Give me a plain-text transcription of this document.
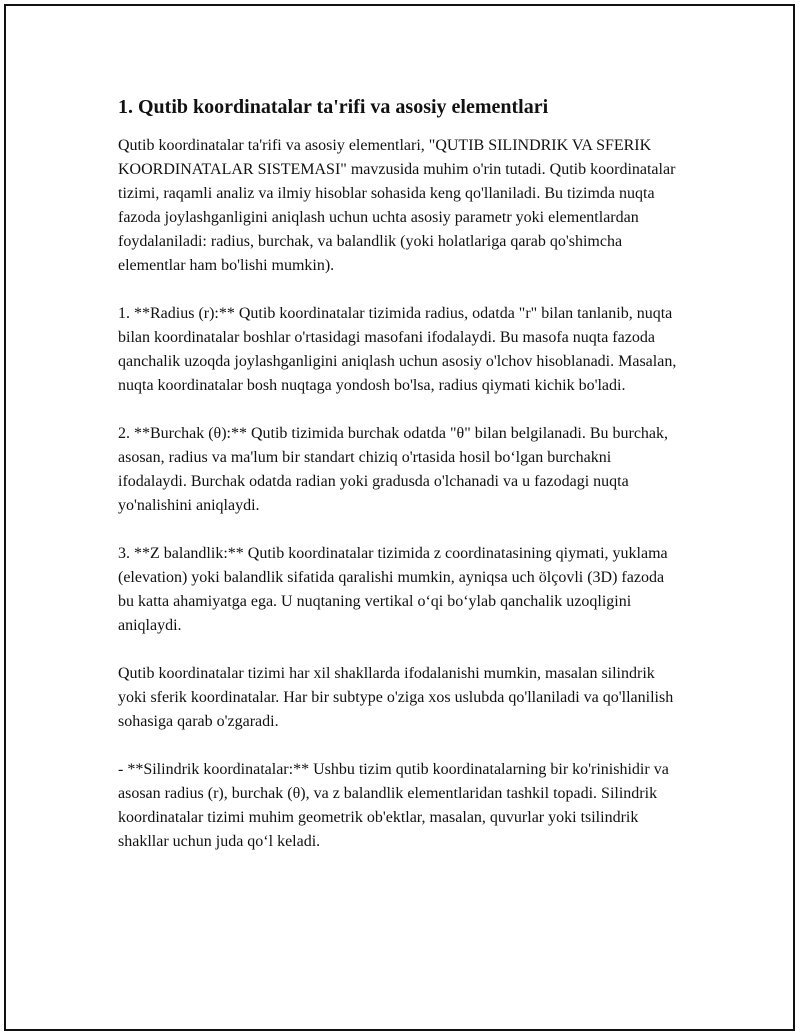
1. Qutib koordinatalar ta'rifi va asosiy elementlari

Qutib koordinatalar ta'rifi va asosiy elementlari, "QUTIB SILINDRIK VA SFERIK KOORDINATALAR SISTEMASI" mavzusida muhim o'rin tutadi. Qutib koordinatalar tizimi, raqamli analiz va ilmiy hisoblar sohasida keng qo'llaniladi. Bu tizimda nuqta fazoda joylashganligini aniqlash uchun uchta asosiy parametr yoki elementlardan foydalaniladi: radius, burchak, va balandlik (yoki holatlariga qarab qo'shimcha elementlar ham bo'lishi mumkin).

1. **Radius (r):** Qutib koordinatalar tizimida radius, odatda "r" bilan tanlanib, nuqta bilan koordinatalar boshlar o'rtasidagi masofani ifodalaydi. Bu masofa nuqta fazoda qanchalik uzoqda joylashganligini aniqlash uchun asosiy o'lchov hisoblanadi. Masalan, nuqta koordinatalar bosh nuqtaga yondosh bo'lsa, radius qiymati kichik bo'ladi.

2. **Burchak (θ):** Qutib tizimida burchak odatda "θ" bilan belgilanadi. Bu burchak, asosan, radius va ma'lum bir standart chiziq o'rtasida hosil bo‘lgan burchakni ifodalaydi. Burchak odatda radian yoki gradusda o'lchanadi va u fazodagi nuqta yo'nalishini aniqlaydi.

3. **Z balandlik:** Qutib koordinatalar tizimida z coordinatasining qiymati, yuklama (elevation) yoki balandlik sifatida qaralishi mumkin, ayniqsa uch ölçovli (3D) fazoda bu katta ahamiyatga ega. U nuqtaning vertikal o‘qi bo‘ylab qanchalik uzoqligini aniqlaydi.

Qutib koordinatalar tizimi har xil shakllarda ifodalanishi mumkin, masalan silindrik yoki sferik koordinatalar. Har bir subtype o'ziga xos uslubda qo'llaniladi va qo'llanilish sohasiga qarab o'zgaradi.

- **Silindrik koordinatalar:** Ushbu tizim qutib koordinatalarning bir ko'rinishidir va asosan radius (r), burchak (θ), va z balandlik elementlaridan tashkil topadi. Silindrik koordinatalar tizimi muhim geometrik ob'ektlar, masalan, quvurlar yoki tsilindrik shakllar uchun juda qo‘l keladi.
